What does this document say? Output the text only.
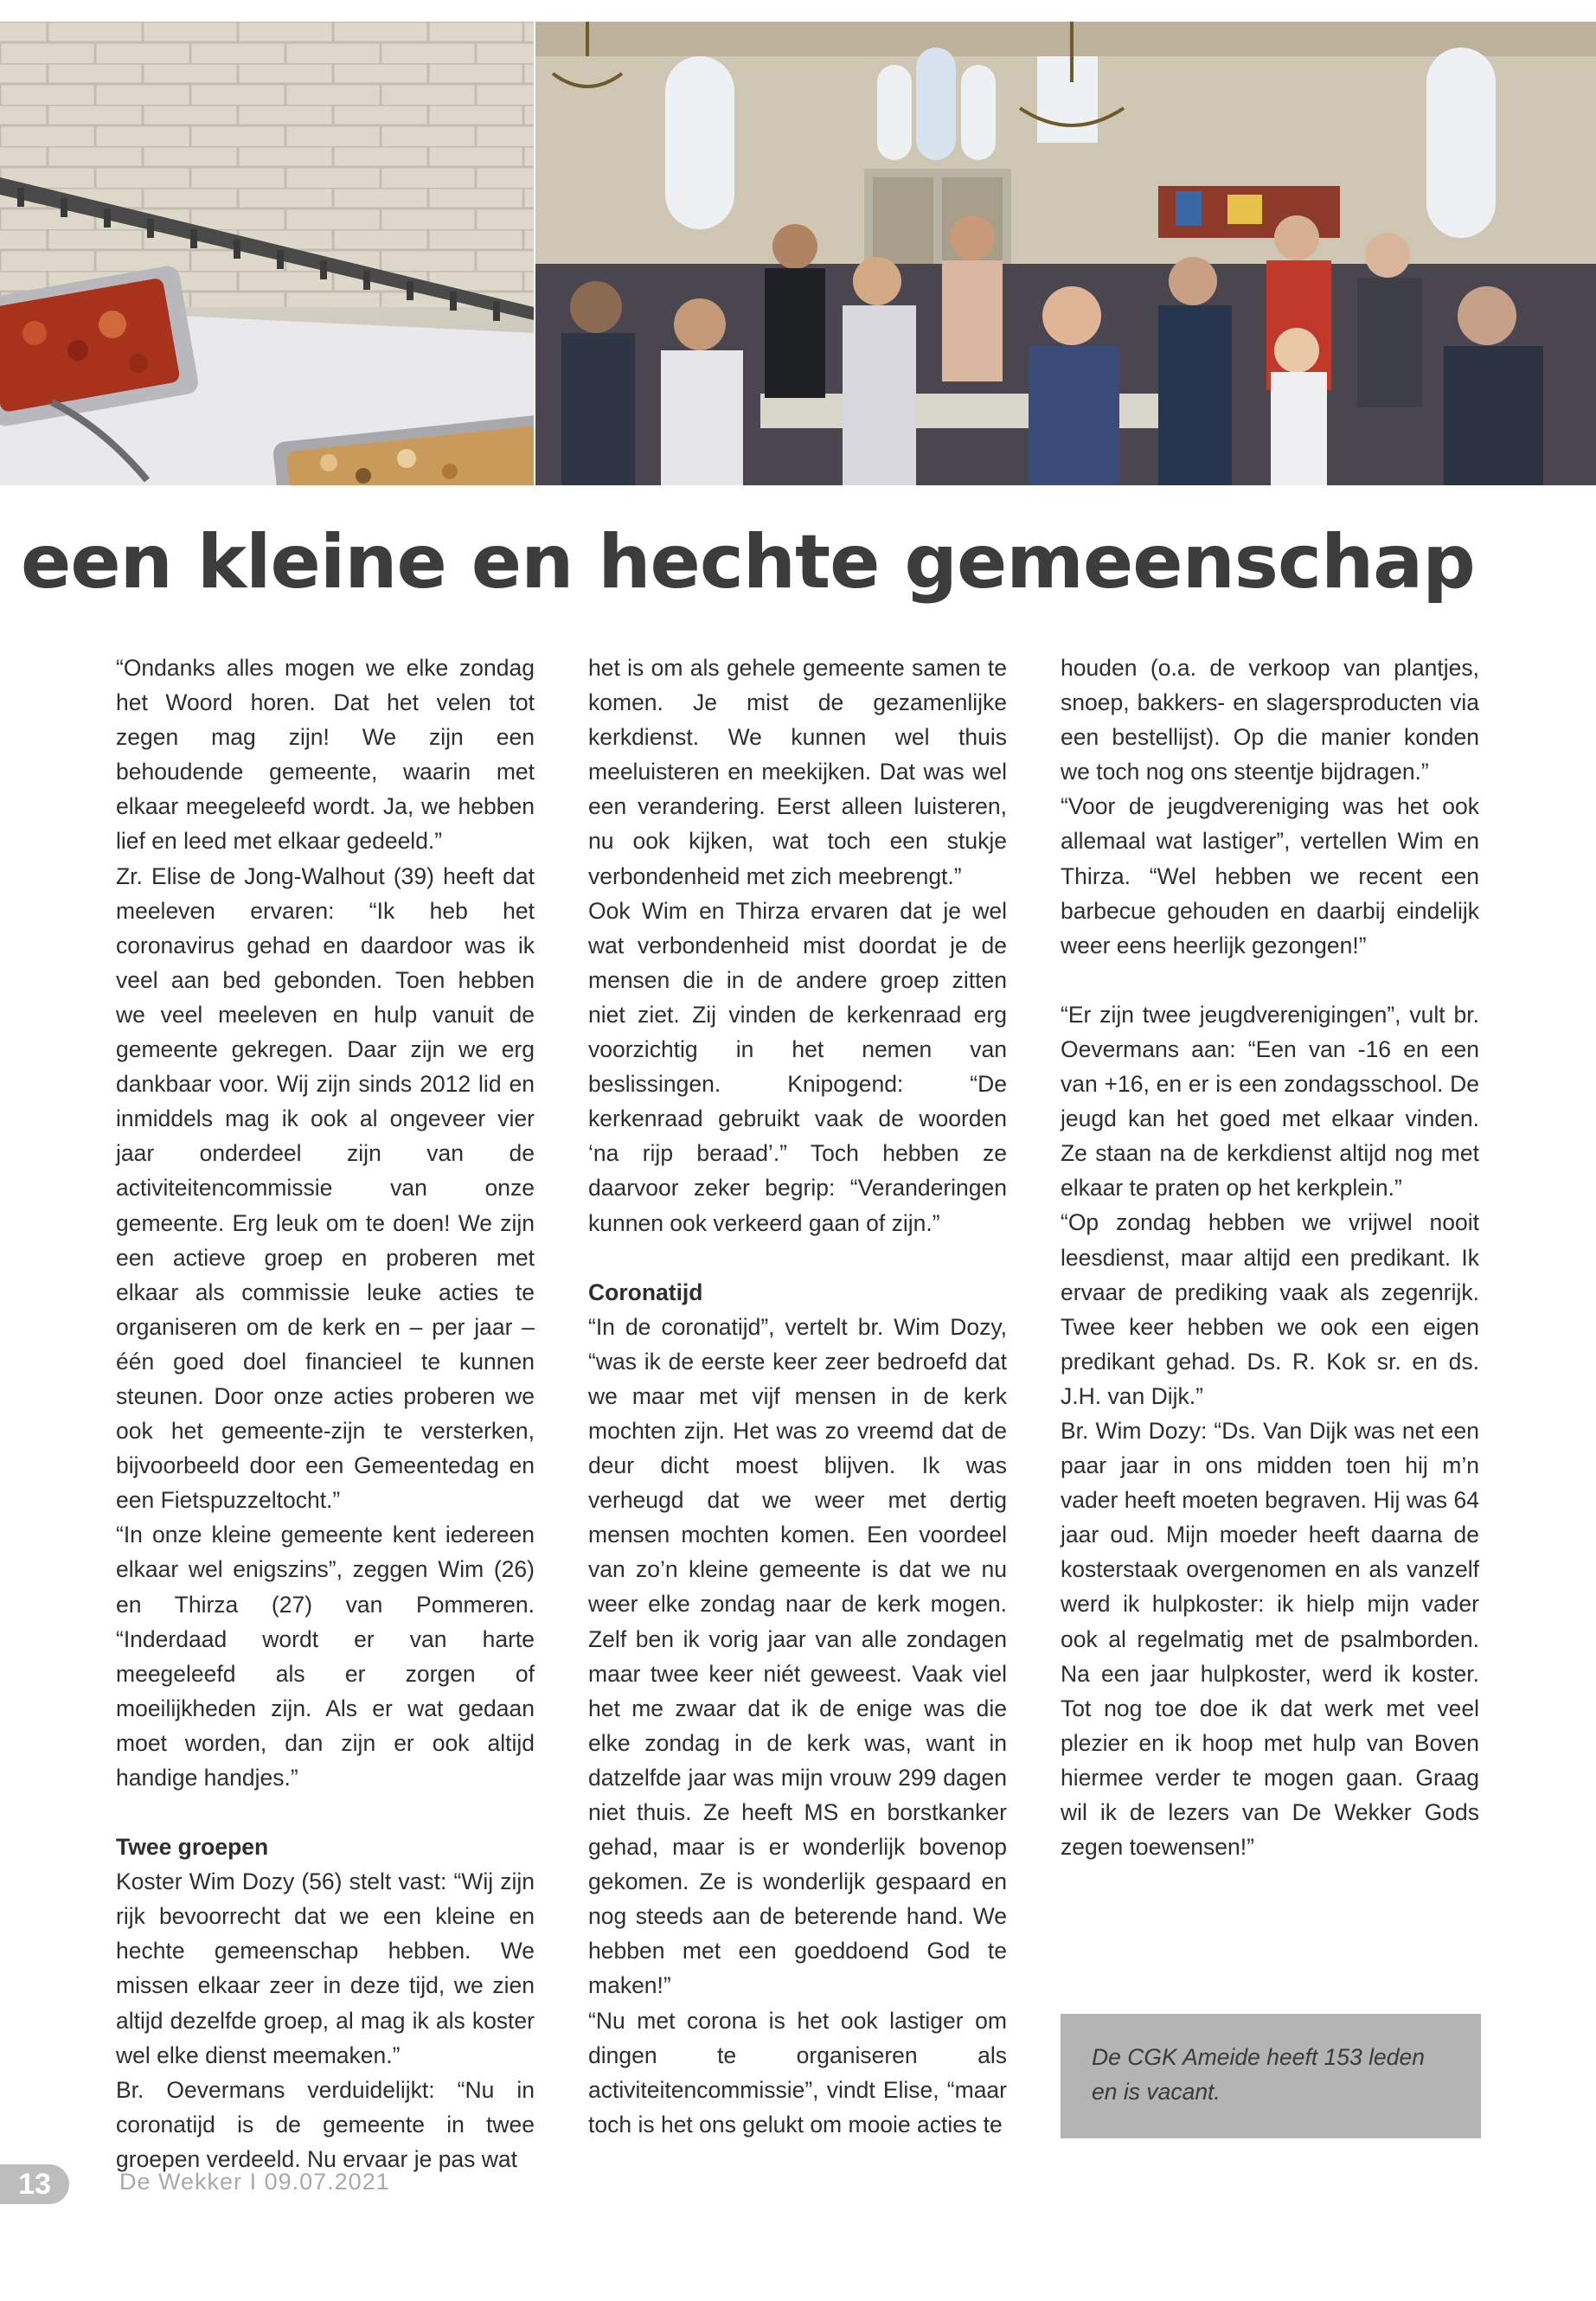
een kleine en hechte gemeenschap

“Ondanks alles mogen we elke zondag het Woord horen. Dat het velen tot zegen mag zijn! We zijn een behoudende gemeente, waarin met elkaar meegeleefd wordt. Ja, we hebben lief en leed met elkaar gedeeld.”

Zr. Elise de Jong-Walhout (39) heeft dat meeleven ervaren: “Ik heb het coronavirus gehad en daardoor was ik veel aan bed gebonden. Toen hebben we veel meeleven en hulp vanuit de gemeente gekregen. Daar zijn we erg dankbaar voor. Wij zijn sinds 2012 lid en inmiddels mag ik ook al ongeveer vier jaar onderdeel zijn van de activiteitencommissie van onze gemeente. Erg leuk om te doen! We zijn een actieve groep en proberen met elkaar als commissie leuke acties te organiseren om de kerk en – per jaar – één goed doel financieel te kunnen steunen. Door onze acties proberen we ook het gemeente-zijn te versterken, bijvoorbeeld door een Gemeentedag en een Fietspuzzeltocht.”

“In onze kleine gemeente kent iedereen elkaar wel enigszins”, zeggen Wim (26) en Thirza (27) van Pommeren. “Inderdaad wordt er van harte meegeleefd als er zorgen of moeilijkheden zijn. Als er wat gedaan moet worden, dan zijn er ook altijd handige handjes.”

Twee groepen

Koster Wim Dozy (56) stelt vast: “Wij zijn rijk bevoorrecht dat we een kleine en hechte gemeenschap hebben. We missen elkaar zeer in deze tijd, we zien altijd dezelfde groep, al mag ik als koster wel elke dienst meemaken.”

Br. Oevermans verduidelijkt: “Nu in coronatijd is de gemeente in twee groepen verdeeld. Nu ervaar je pas wat

het is om als gehele gemeente samen te komen. Je mist de gezamenlijke kerkdienst. We kunnen wel thuis meeluisteren en meekijken. Dat was wel een verandering. Eerst alleen luisteren, nu ook kijken, wat toch een stukje verbondenheid met zich meebrengt.”

Ook Wim en Thirza ervaren dat je wel wat verbondenheid mist doordat je de mensen die in de andere groep zitten niet ziet. Zij vinden de kerkenraad erg voorzichtig in het nemen van beslissingen. Knipogend: “De kerkenraad gebruikt vaak de woorden ‘na rijp beraad’.” Toch hebben ze daarvoor zeker begrip: “Veranderingen kunnen ook verkeerd gaan of zijn.”

Coronatijd

“In de coronatijd”, vertelt br. Wim Dozy, “was ik de eerste keer zeer bedroefd dat we maar met vijf mensen in de kerk mochten zijn. Het was zo vreemd dat de deur dicht moest blijven. Ik was verheugd dat we weer met dertig mensen mochten komen. Een voordeel van zo’n kleine gemeente is dat we nu weer elke zondag naar de kerk mogen. Zelf ben ik vorig jaar van alle zondagen maar twee keer niét geweest. Vaak viel het me zwaar dat ik de enige was die elke zondag in de kerk was, want in datzelfde jaar was mijn vrouw 299 dagen niet thuis. Ze heeft MS en borstkanker gehad, maar is er wonderlijk bovenop gekomen. Ze is wonderlijk gespaard en nog steeds aan de beterende hand. We hebben met een goeddoend God te maken!”

“Nu met corona is het ook lastiger om dingen te organiseren als activiteitencommissie”, vindt Elise, “maar toch is het ons gelukt om mooie acties te

houden (o.a. de verkoop van plantjes, snoep, bakkers- en slagersproducten via een bestellijst). Op die manier konden we toch nog ons steentje bijdragen.”

“Voor de jeugdvereniging was het ook allemaal wat lastiger”, vertellen Wim en Thirza. “Wel hebben we recent een barbecue gehouden en daarbij eindelijk weer eens heerlijk gezongen!”

“Er zijn twee jeugdverenigingen”, vult br. Oevermans aan: “Een van -16 en een van +16, en er is een zondagsschool. De jeugd kan het goed met elkaar vinden. Ze staan na de kerkdienst altijd nog met elkaar te praten op het kerkplein.”

“Op zondag hebben we vrijwel nooit leesdienst, maar altijd een predikant. Ik ervaar de prediking vaak als zegenrijk. Twee keer hebben we ook een eigen predikant gehad. Ds. R. Kok sr. en ds. J.H. van Dijk.”

Br. Wim Dozy: “Ds. Van Dijk was net een paar jaar in ons midden toen hij m’n vader heeft moeten begraven. Hij was 64 jaar oud. Mijn moeder heeft daarna de kosterstaak overgenomen en als vanzelf werd ik hulpkoster: ik hielp mijn vader ook al regelmatig met de psalmborden. Na een jaar hulpkoster, werd ik koster. Tot nog toe doe ik dat werk met veel plezier en ik hoop met hulp van Boven hiermee verder te mogen gaan. Graag wil ik de lezers van De Wekker Gods zegen toewensen!”

De CGK Ameide heeft 153 leden en is vacant.
13	De Wekker I 09.07.2021
